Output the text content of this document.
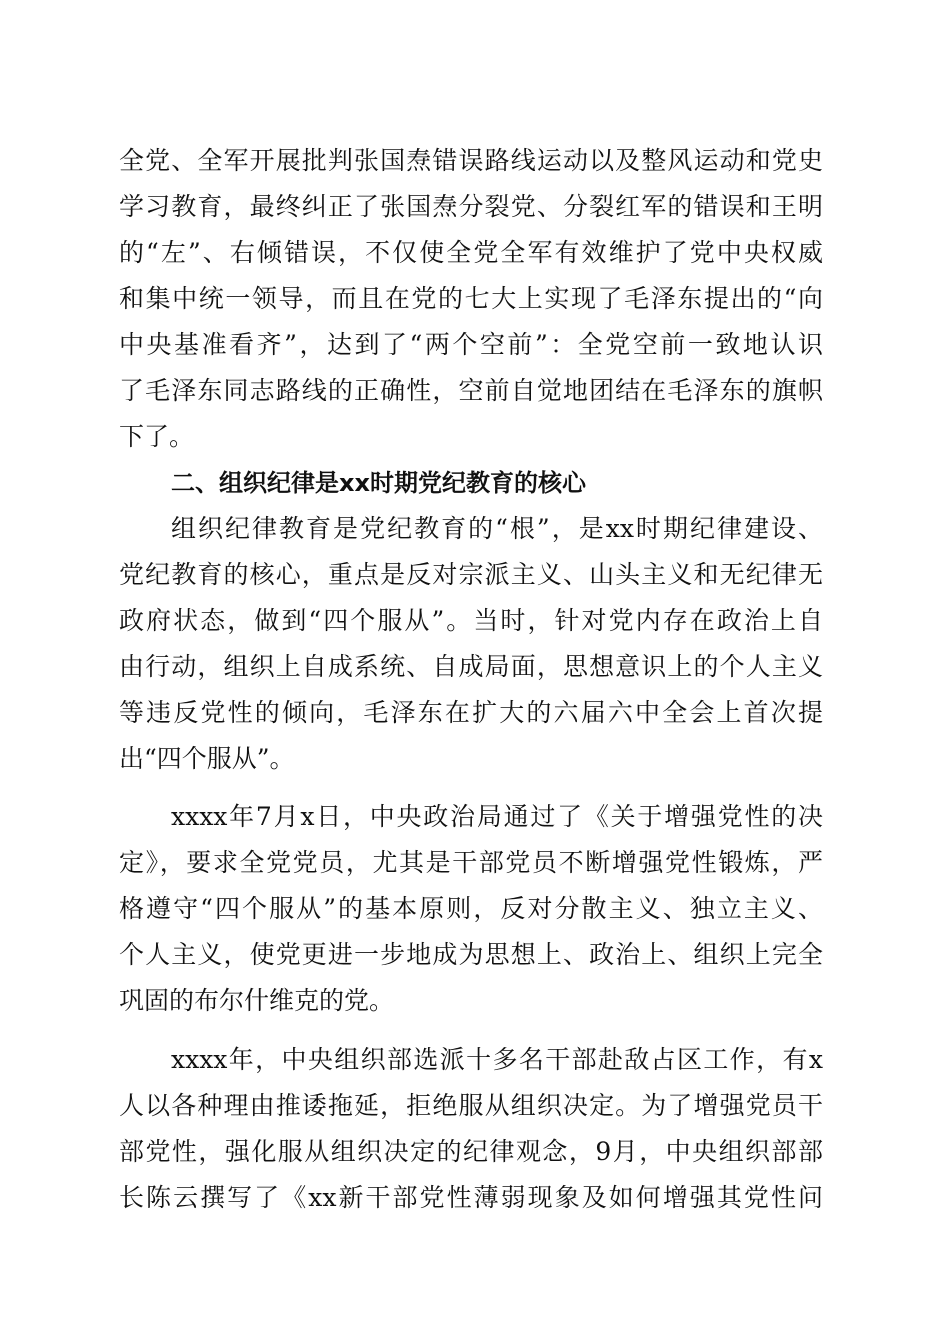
全党、全军开展批判张国焘错误路线运动以及整风运动和党史
学习教育，最终纠正了张国焘分裂党、分裂红军的错误和王明
的“左”、右倾错误，不仅使全党全军有效维护了党中央权威
和集中统一领导，而且在党的七大上实现了毛泽东提出的“向
中央基准看齐”，达到了“两个空前”：全党空前一致地认识
了毛泽东同志路线的正确性，空前自觉地团结在毛泽东的旗帜
下了。
二、组织纪律是xx时期党纪教育的核心
组织纪律教育是党纪教育的“根”，是xx时期纪律建设、
党纪教育的核心，重点是反对宗派主义、山头主义和无纪律无
政府状态，做到“四个服从”。当时，针对党内存在政治上自
由行动，组织上自成系统、自成局面，思想意识上的个人主义
等违反党性的倾向，毛泽东在扩大的六届六中全会上首次提
出“四个服从”。
xxxx年7月x日，中央政治局通过了《关于增强党性的决
定》，要求全党党员，尤其是干部党员不断增强党性锻炼，严
格遵守“四个服从”的基本原则，反对分散主义、独立主义、
个人主义，使党更进一步地成为思想上、政治上、组织上完全
巩固的布尔什维克的党。
xxxx年，中央组织部选派十多名干部赴敌占区工作，有x
人以各种理由推诿拖延，拒绝服从组织决定。为了增强党员干
部党性，强化服从组织决定的纪律观念，9月，中央组织部部
长陈云撰写了《xx新干部党性薄弱现象及如何增强其党性问
